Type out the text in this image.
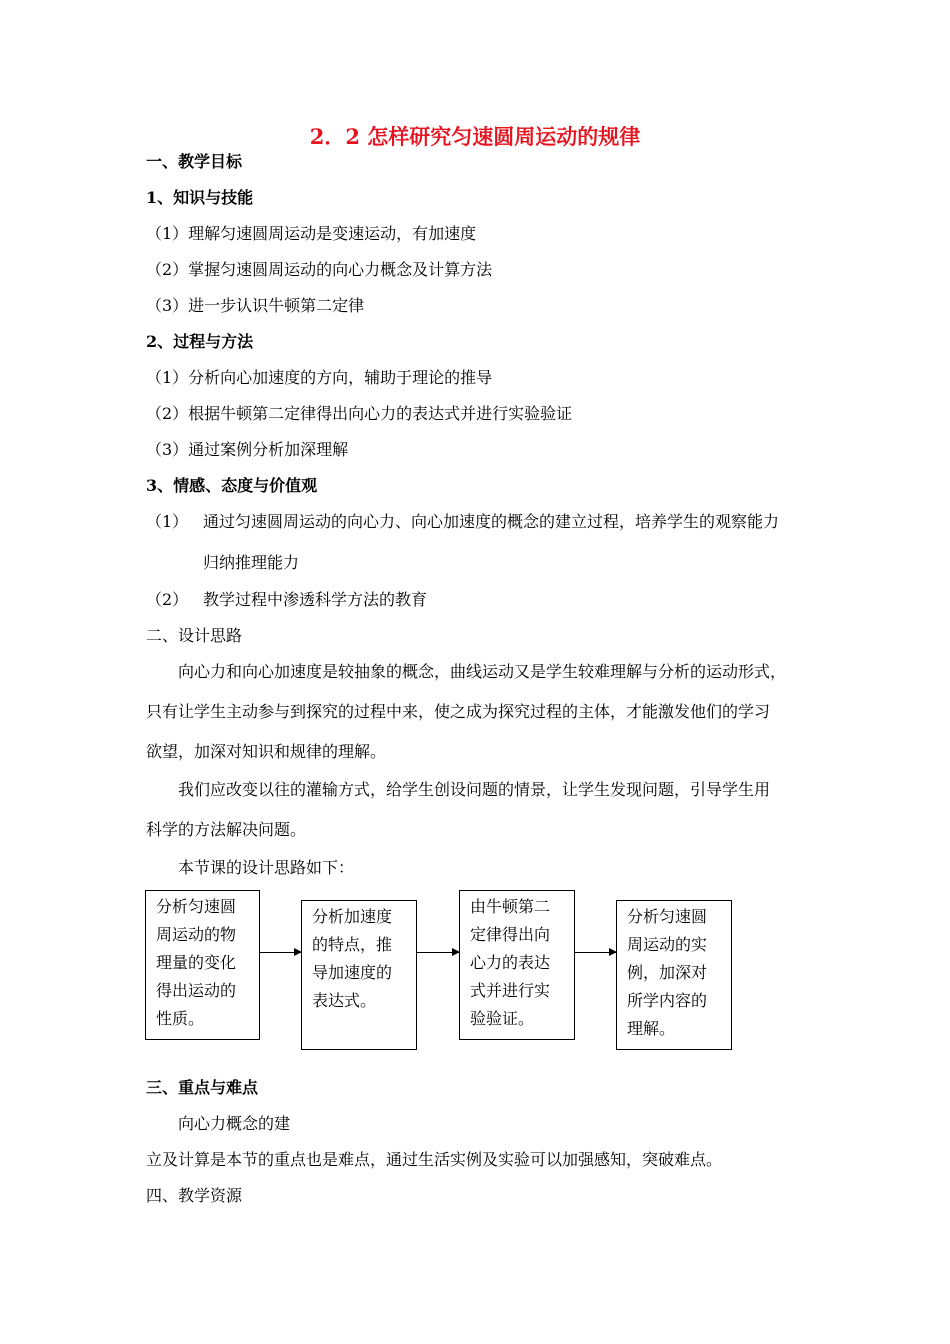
2．2 怎样研究匀速圆周运动的规律
一、教学目标
1、知识与技能
（1）理解匀速圆周运动是变速运动，有加速度
（2）掌握匀速圆周运动的向心力概念及计算方法
（3）进一步认识牛顿第二定律
2、过程与方法
（1）分析向心加速度的方向，辅助于理论的推导
（2）根据牛顿第二定律得出向心力的表达式并进行实验验证
（3）通过案例分析加深理解
3、情感、态度与价值观
（1） 通过匀速圆周运动的向心力、向心加速度的概念的建立过程，培养学生的观察能力
归纳推理能力
（2） 教学过程中渗透科学方法的教育
二、设计思路
向心力和向心加速度是较抽象的概念，曲线运动又是学生较难理解与分析的运动形式，
只有让学生主动参与到探究的过程中来，使之成为探究过程的主体，才能激发他们的学习
欲望，加深对知识和规律的理解。
我们应改变以往的灌输方式，给学生创设问题的情景，让学生发现问题，引导学生用
科学的方法解决问题。
本节课的设计思路如下：
分析匀速圆周运动的物理量的变化得出运动的性质。
分析加速度的特点，推导加速度的表达式。
由牛顿第二定律得出向心力的表达式并进行实验验证。
分析匀速圆周运动的实例，加深对所学内容的理解。
三、重点与难点
向心力概念的建
立及计算是本节的重点也是难点，通过生活实例及实验可以加强感知，突破难点。
四、教学资源
